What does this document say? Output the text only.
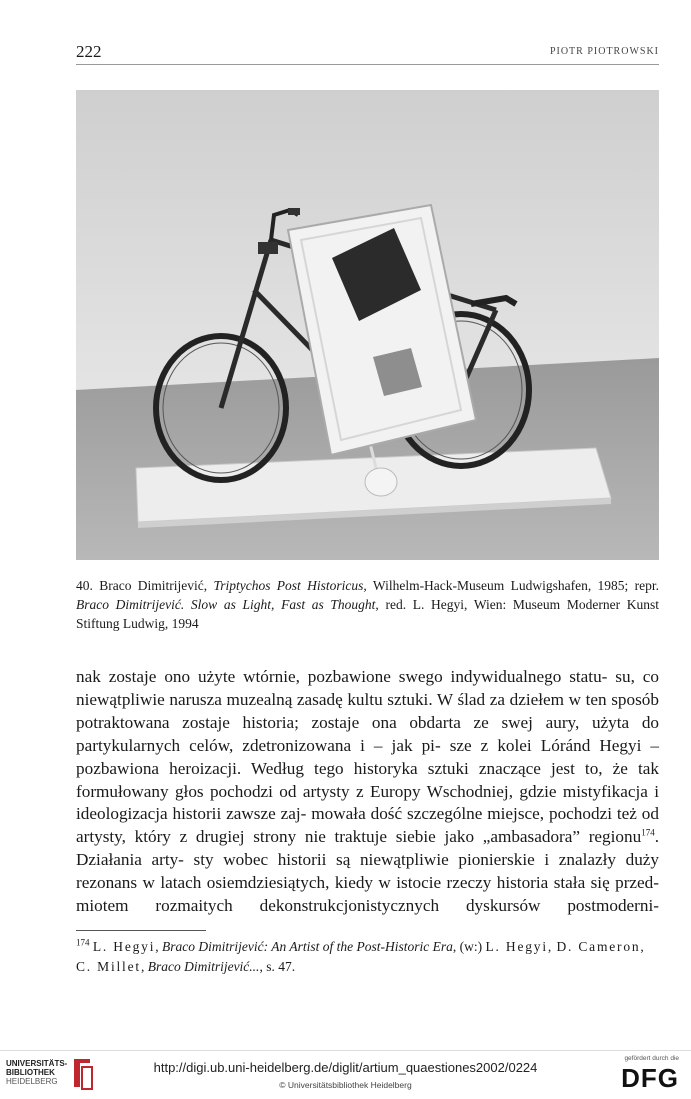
222	PIOTR PIOTROWSKI
40. Braco Dimitrijević, Triptychos Post Historicus, Wilhelm-Hack-Museum Ludwigshafen, 1985; repr. Braco Dimitrijević. Slow as Light, Fast as Thought, red. L. Hegyi, Wien: Museum Moderner Kunst Stiftung Ludwig, 1994
nak zostaje ono użyte wtórnie, pozbawione swego indywidualnego statu- su, co niewątpliwie narusza muzealną zasadę kultu sztuki. W ślad za dziełem w ten sposób potraktowana zostaje historia; zostaje ona obdarta ze swej aury, użyta do partykularnych celów, zdetronizowana i – jak pi- sze z kolei Lóránd Hegyi – pozbawiona heroizacji. Według tego historyka sztuki znaczące jest to, że tak formułowany głos pochodzi od artysty z Europy Wschodniej, gdzie mistyfikacja i ideologizacja historii zawsze zaj- mowała dość szczególne miejsce, pochodzi też od artysty, który z drugiej strony nie traktuje siebie jako „ambasadora” regionu$^{174}$. Działania arty- sty wobec historii są niewątpliwie pionierskie i znalazły duży rezonans w latach osiemdziesiątych, kiedy w istocie rzeczy historia stała się przed- miotem rozmaitych dekonstrukcjonistycznych dyskursów postmoderni-
$^{174}$ L. Hegyi, Braco Dimitrijević: An Artist of the Post-Historic Era, (w:) L. Hegyi, D. Cameron, C. Millet, Braco Dimitrijević..., s. 47.
UNIVERSITÄTS-
BIBLIOTHEK
HEIDELBERG
http://digi.ub.uni-heidelberg.de/diglit/artium_quaestiones2002/0224
© Universitätsbibliothek Heidelberg
gefördert durch die
DFG
